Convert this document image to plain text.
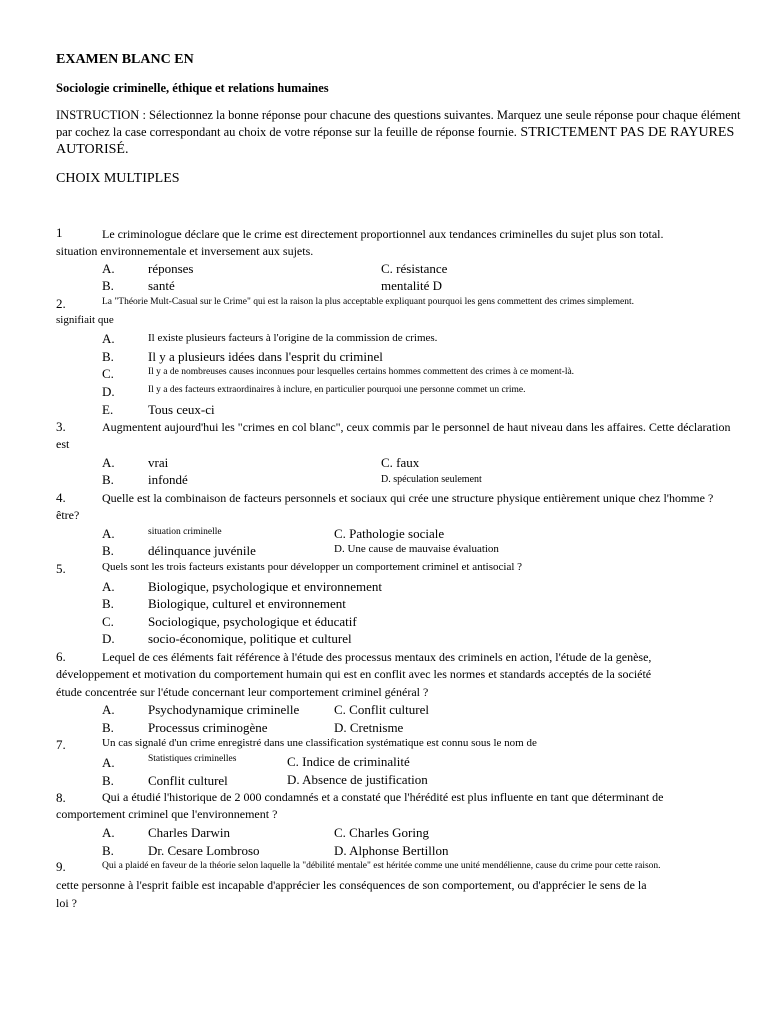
EXAMEN BLANC EN
Sociologie criminelle, éthique et relations humaines
INSTRUCTION : Sélectionnez la bonne réponse pour chacune des questions suivantes. Marquez une seule réponse pour chaque élément par cochez la case correspondant au choix de votre réponse sur la feuille de réponse fournie. STRICTEMENT PAS DE RAYURES AUTORISÉ.
CHOIX MULTIPLES
1	Le criminologue déclare que le crime est directement proportionnel aux tendances criminelles du sujet plus son total.
situation environnementale et inversement aux sujets.
A.	réponses	C. résistance
B.	santé	mentalité D
2.	La "Théorie Mult-Casual sur le Crime" qui est la raison la plus acceptable expliquant pourquoi les gens commettent des crimes simplement.
signifiait que
A.	Il existe plusieurs facteurs à l'origine de la commission de crimes.
B.	Il y a plusieurs idées dans l'esprit du criminel
C.	Il y a de nombreuses causes inconnues pour lesquelles certains hommes commettent des crimes à ce moment-là.
D.	Il y a des facteurs extraordinaires à inclure, en particulier pourquoi une personne commet un crime.
E.	Tous ceux-ci
3.	Augmentent aujourd'hui les "crimes en col blanc", ceux commis par le personnel de haut niveau dans les affaires. Cette déclaration
est
A.	vrai	C. faux
B.	infondé	D. spéculation seulement
4.	Quelle est la combinaison de facteurs personnels et sociaux qui crée une structure physique entièrement unique chez l'homme ?
être?
A.	situation criminelle	C. Pathologie sociale
B.	délinquance juvénile	D. Une cause de mauvaise évaluation
5.	Quels sont les trois facteurs existants pour développer un comportement criminel et antisocial ?
A.	Biologique, psychologique et environnement
B.	Biologique, culturel et environnement
C.	Sociologique, psychologique et éducatif
D.	socio-économique, politique et culturel
6.	Lequel de ces éléments fait référence à l'étude des processus mentaux des criminels en action, l'étude de la genèse,
développement et motivation du comportement humain qui est en conflit avec les normes et standards acceptés de la société
étude concentrée sur l'étude concernant leur comportement criminel général ?
A.	Psychodynamique criminelle	C. Conflit culturel
B.	Processus criminogène	D. Cretnisme
7.	Un cas signalé d'un crime enregistré dans une classification systématique est connu sous le nom de
A.	Statistiques criminelles	C. Indice de criminalité
B.	Conflit culturel	D. Absence de justification
8.	Qui a étudié l'historique de 2 000 condamnés et a constaté que l'hérédité est plus influente en tant que déterminant de
comportement criminel que l'environnement ?
A.	Charles Darwin	C. Charles Goring
B.	Dr. Cesare Lombroso	D. Alphonse Bertillon
9.	Qui a plaidé en faveur de la théorie selon laquelle la "débilité mentale" est héritée comme une unité mendélienne, cause du crime pour cette raison.
cette personne à l'esprit faible est incapable d'apprécier les conséquences de son comportement, ou d'apprécier le sens de la
loi ?
